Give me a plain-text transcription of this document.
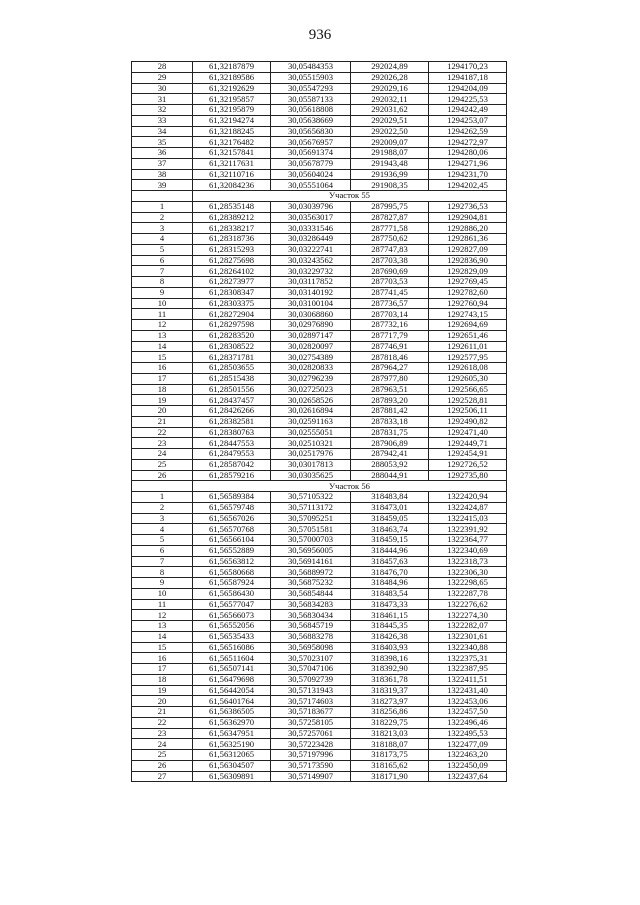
936
28	61,32187879	30,05484353	292024,89	1294170,23
29	61,32189586	30,05515903	292026,28	1294187,18
30	61,32192629	30,05547293	292029,16	1294204,09
31	61,32195857	30,05587133	292032,11	1294225,53
32	61,32195879	30,05618808	292031,62	1294242,49
33	61,32194274	30,05638669	292029,51	1294253,07
34	61,32188245	30,05656830	292022,50	1294262,59
35	61,32176482	30,05676957	292009,07	1294272,97
36	61,32157841	30,05691374	291988,07	1294280,06
37	61,32117631	30,05678779	291943,48	1294271,96
38	61,32110716	30,05604024	291936,99	1294231,70
39	61,32084236	30,05551064	291908,35	1294202,45
	Участок 55			
1	61,28535148	30,03039796	287995,75	1292736,53
2	61,28389212	30,03563017	287827,87	1292904,81
3	61,28338217	30,03331546	287771,58	1292886,20
4	61,28318736	30,03286449	287750,62	1292861,36
5	61,28315293	30,03222741	287747,83	1292827,09
6	61,28275698	30,03243562	287703,38	1292836,90
7	61,28264102	30,03229732	287690,69	1292829,09
8	61,28273977	30,03117852	287703,53	1292769,45
9	61,28308347	30,03140192	287741,45	1292782,60
10	61,28303375	30,03100104	287736,57	1292760,94
11	61,28272904	30,03068860	287703,14	1292743,15
12	61,28297598	30,02976890	287732,16	1292694,69
13	61,28283520	30,02897147	287717,79	1292651,46
14	61,28308522	30,02820097	287746,91	1292611,01
15	61,28371781	30,02754389	287818,46	1292577,95
16	61,28503655	30,02820833	287964,27	1292618,08
17	61,28515438	30,02796239	287977,80	1292605,30
18	61,28501556	30,02725023	287963,51	1292566,65
19	61,28437457	30,02658526	287893,20	1292528,81
20	61,28426266	30,02616894	287881,42	1292506,11
21	61,28382581	30,02591163	287833,18	1292490,82
22	61,28380763	30,02555051	287831,75	1292471,40
23	61,28447553	30,02510321	287906,89	1292449,71
24	61,28479553	30,02517976	287942,41	1292454,91
25	61,28587042	30,03017813	288053,92	1292726,52
26	61,28579216	30,03035625	288044,91	1292735,80
	Участок 56			
1	61,56589384	30,57105322	318483,84	1322420,94
2	61,56579748	30,57113172	318473,01	1322424,87
3	61,56567026	30,57095251	318459,05	1322415,03
4	61,56570768	30,57051581	318463,74	1322391,92
5	61,56566104	30,57000703	318459,15	1322364,77
6	61,56552889	30,56956005	318444,96	1322340,69
7	61,56563812	30,56914161	318457,63	1322318,73
8	61,56580668	30,56889972	318476,70	1322306,30
9	61,56587924	30,56875232	318484,96	1322298,65
10	61,56586430	30,56854844	318483,54	1322287,78
11	61,56577047	30,56834283	318473,33	1322276,62
12	61,56566073	30,56830434	318461,15	1322274,30
13	61,56552056	30,56845719	318445,35	1322282,07
14	61,56535433	30,56883278	318426,38	1322301,61
15	61,56516086	30,56958098	318403,93	1322340,88
16	61,56511604	30,57023107	318398,16	1322375,31
17	61,56507141	30,57047106	318392,90	1322387,95
18	61,56479698	30,57092739	318361,78	1322411,51
19	61,56442054	30,57131943	318319,37	1322431,40
20	61,56401764	30,57174603	318273,97	1322453,06
21	61,56386505	30,57183677	318256,86	1322457,50
22	61,56362970	30,57258105	318229,75	1322496,46
23	61,56347951	30,57257061	318213,03	1322495,53
24	61,56325190	30,57223428	318188,07	1322477,09
25	61,56312065	30,57197996	318173,75	1322463,20
26	61,56304507	30,57173590	318165,62	1322450,09
27	61,56309891	30,57149907	318171,90	1322437,64
